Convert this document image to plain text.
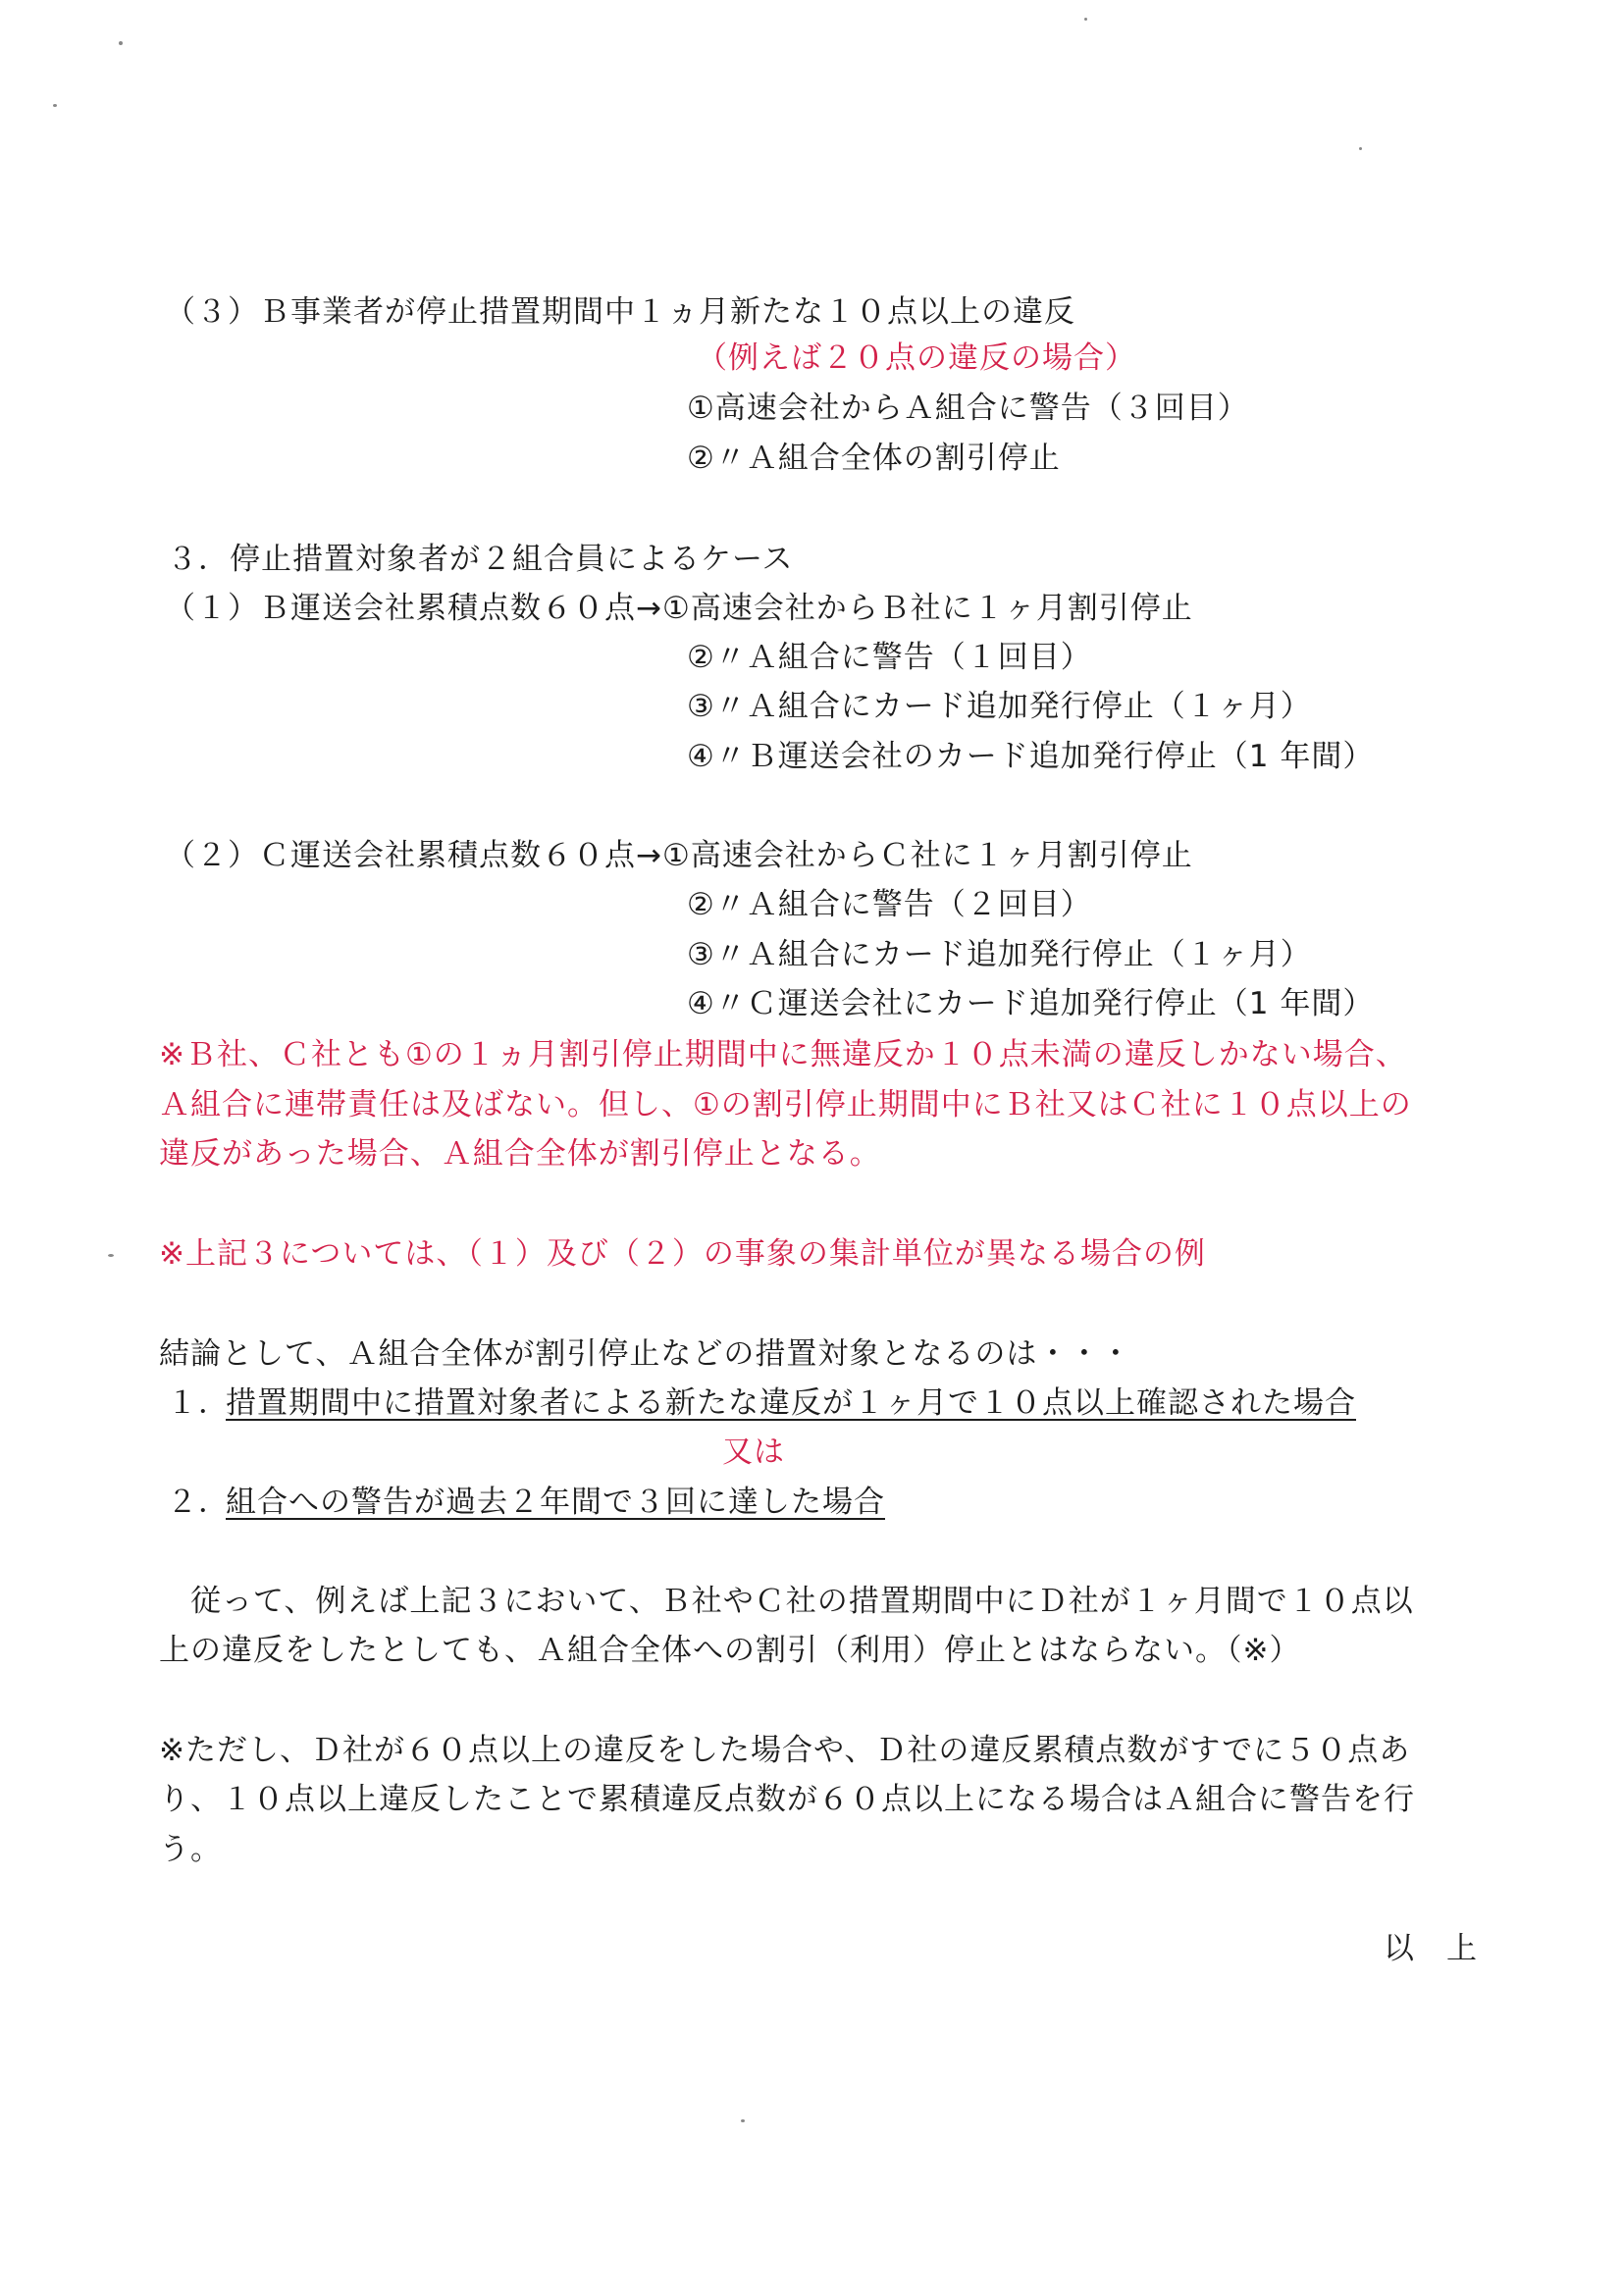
（３）Ｂ事業者が停止措置期間中１ヵ月新たな１０点以上の違反
（例えば２０点の違反の場合）
①高速会社からＡ組合に警告（３回目）
②〃Ａ組合全体の割引停止
３．停止措置対象者が２組合員によるケース
（１）Ｂ運送会社累積点数６０点→①高速会社からＢ社に１ヶ月割引停止
②〃Ａ組合に警告（１回目）
③〃Ａ組合にカード追加発行停止（１ヶ月）
④〃Ｂ運送会社のカード追加発行停止（1 年間）
（２）Ｃ運送会社累積点数６０点→①高速会社からＣ社に１ヶ月割引停止
②〃Ａ組合に警告（２回目）
③〃Ａ組合にカード追加発行停止（１ヶ月）
④〃Ｃ運送会社にカード追加発行停止（1 年間）
※Ｂ社、Ｃ社とも①の１ヵ月割引停止期間中に無違反か１０点未満の違反しかない場合、
Ａ組合に連帯責任は及ばない。但し、①の割引停止期間中にＢ社又はＣ社に１０点以上の
違反があった場合、Ａ組合全体が割引停止となる。
※上記３については、（１）及び（２）の事象の集計単位が異なる場合の例
結論として、Ａ組合全体が割引停止などの措置対象となるのは・・・
１．
措置期間中に措置対象者による新たな違反が１ヶ月で１０点以上確認された場合
又は
２．
組合への警告が過去２年間で３回に達した場合
　従って、例えば上記３において、Ｂ社やＣ社の措置期間中にＤ社が１ヶ月間で１０点以
上の違反をしたとしても、Ａ組合全体への割引（利用）停止とはならない。（※）
※ただし、Ｄ社が６０点以上の違反をした場合や、Ｄ社の違反累積点数がすでに５０点あ
り、１０点以上違反したことで累積違反点数が６０点以上になる場合はＡ組合に警告を行
う。
以　上
